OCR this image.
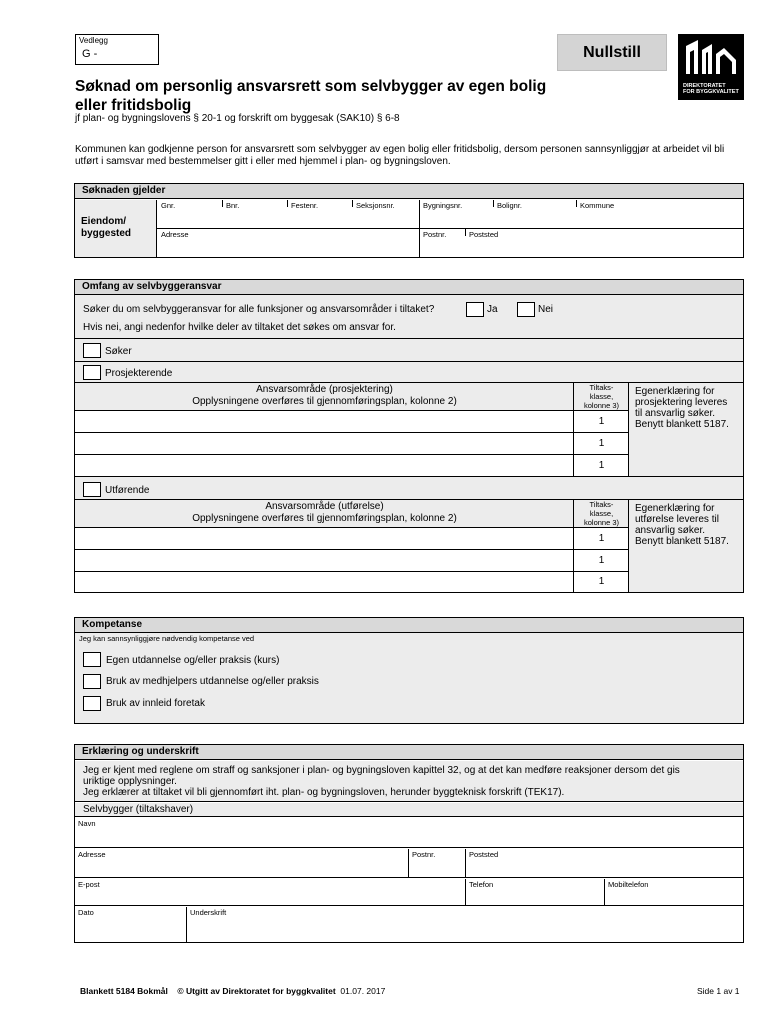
Vedlegg
G -	Nullstill
DIREKTORATET
FOR BYGGKVALITET
Søknad om personlig ansvarsrett som selvbygger av egen bolig eller fritidsbolig
jf plan- og bygningslovens § 20-1 og forskrift om byggesak (SAK10) § 6-8
Kommunen kan godkjenne person for ansvarsrett som selvbygger av egen bolig eller fritidsbolig, dersom personen sannsynliggjør at arbeidet vil bli utført i samsvar med bestemmelser gitt i eller med hjemmel i plan- og bygningsloven.
Søknaden gjelder
Eiendom/
byggested
Gnr.	Bnr.	Festenr.	Seksjonsnr.	Bygningsnr.	Bolignr.	Kommune
Adresse	Postnr.	Poststed
Omfang av selvbyggeransvar
Søker du om selvbyggeransvar for alle funksjoner og ansvarsområder i tiltaket?	Ja	Nei
Hvis nei, angi nedenfor hvilke deler av tiltaket det søkes om ansvar for.
Søker
Prosjekterende
Ansvarsområde (prosjektering)
Opplysningene overføres til gjennomføringsplan, kolonne 2)
Tiltaks-
klasse,
kolonne 3)
Egenerklæring for
prosjektering leveres
til ansvarlig søker.
Benytt blankett 5187.
1
1
1
Utførende
Ansvarsområde (utførelse)
Opplysningene overføres til gjennomføringsplan, kolonne 2)
Tiltaks-
klasse,
kolonne 3)
Egenerklæring for
utførelse leveres til
ansvarlig søker.
Benytt blankett 5187.
1
1
1
Kompetanse
Jeg kan sannsynliggjøre nødvendig kompetanse ved
Egen utdannelse og/eller praksis (kurs)
Bruk av medhjelpers utdannelse og/eller praksis
Bruk av innleid foretak
Erklæring og underskrift
Jeg er kjent med reglene om straff og sanksjoner i plan- og bygningsloven kapittel 32, og at det kan medføre reaksjoner dersom det gis
uriktige opplysninger.
Jeg erklærer at tiltaket vil bli gjennomført iht. plan- og bygningsloven, herunder byggteknisk forskrift (TEK17).
Selvbygger (tiltakshaver)
Navn
Adresse	Postnr.	Poststed
E-post	Telefon	Mobiltelefon
Dato	Underskrift
Blankett 5184 Bokmål © Utgitt av Direktoratet for byggkvalitet 01.07. 2017	Side 1 av 1
